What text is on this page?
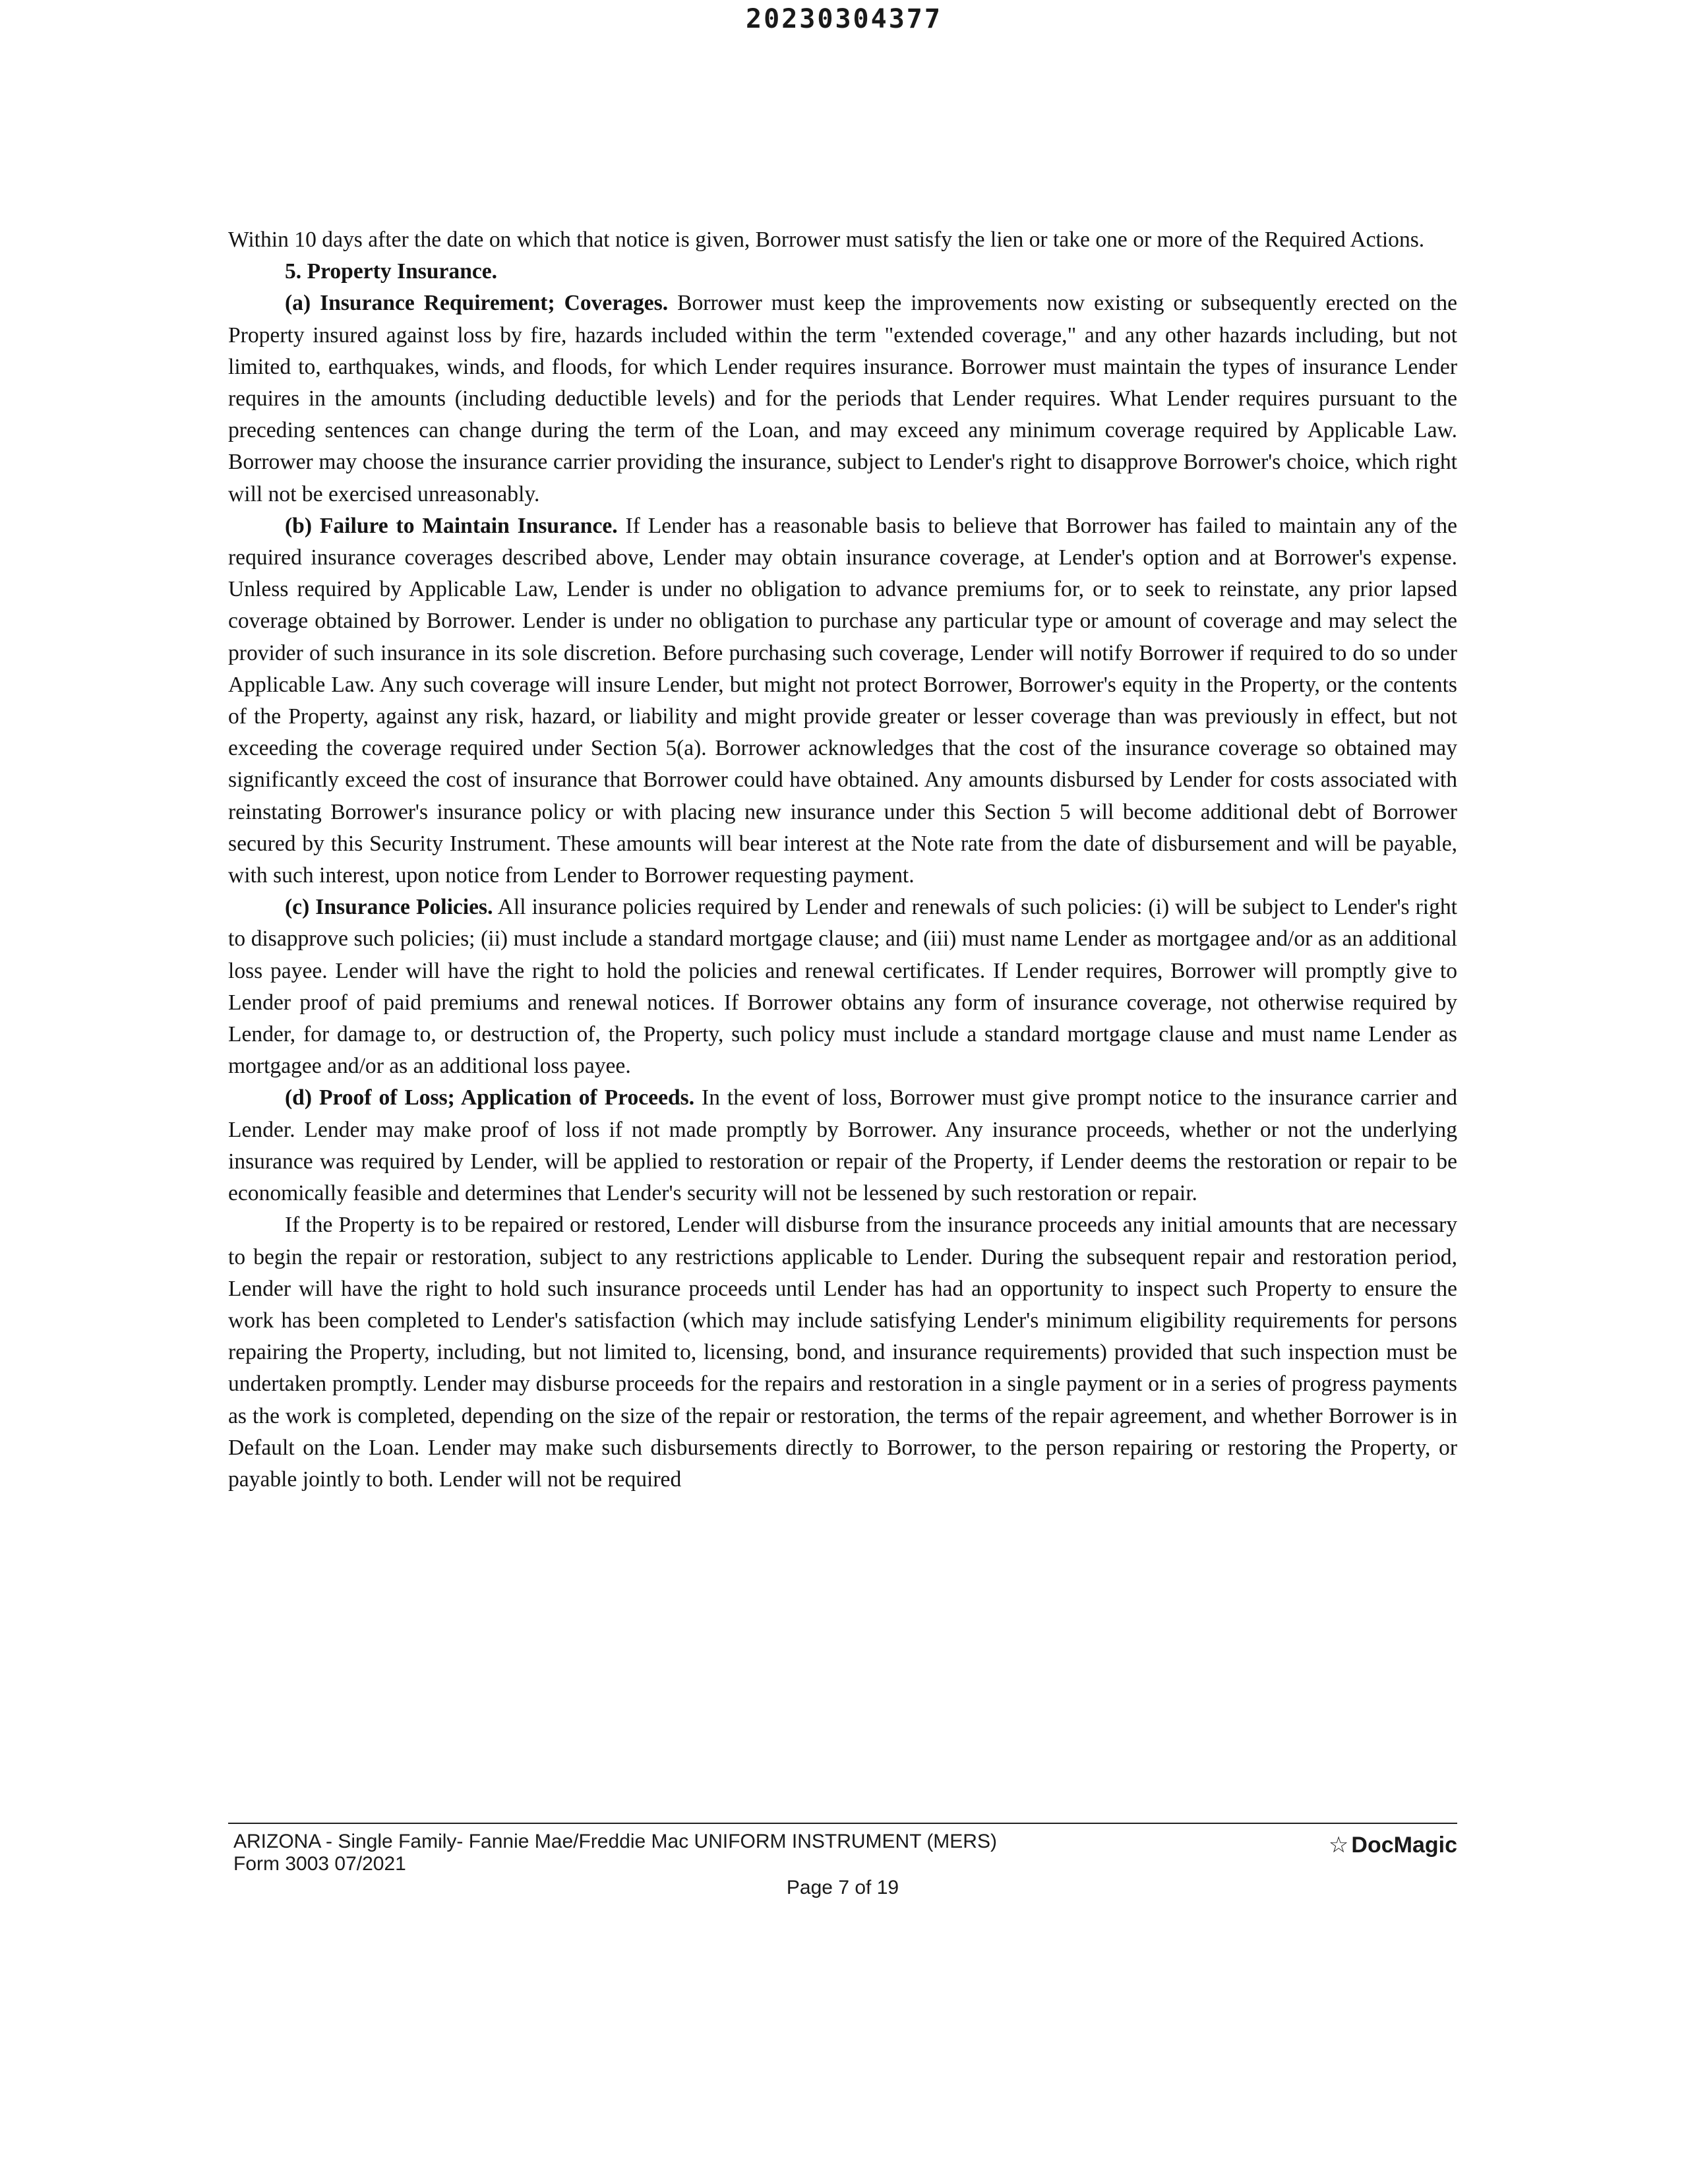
20230304377

Within 10 days after the date on which that notice is given, Borrower must satisfy the lien or take one or more of the Required Actions.

5. Property Insurance.

(a) Insurance Requirement; Coverages. Borrower must keep the improvements now existing or subsequently erected on the Property insured against loss by fire, hazards included within the term "extended coverage," and any other hazards including, but not limited to, earthquakes, winds, and floods, for which Lender requires insurance. Borrower must maintain the types of insurance Lender requires in the amounts (including deductible levels) and for the periods that Lender requires. What Lender requires pursuant to the preceding sentences can change during the term of the Loan, and may exceed any minimum coverage required by Applicable Law. Borrower may choose the insurance carrier providing the insurance, subject to Lender's right to disapprove Borrower's choice, which right will not be exercised unreasonably.

(b) Failure to Maintain Insurance. If Lender has a reasonable basis to believe that Borrower has failed to maintain any of the required insurance coverages described above, Lender may obtain insurance coverage, at Lender's option and at Borrower's expense. Unless required by Applicable Law, Lender is under no obligation to advance premiums for, or to seek to reinstate, any prior lapsed coverage obtained by Borrower. Lender is under no obligation to purchase any particular type or amount of coverage and may select the provider of such insurance in its sole discretion. Before purchasing such coverage, Lender will notify Borrower if required to do so under Applicable Law. Any such coverage will insure Lender, but might not protect Borrower, Borrower's equity in the Property, or the contents of the Property, against any risk, hazard, or liability and might provide greater or lesser coverage than was previously in effect, but not exceeding the coverage required under Section 5(a). Borrower acknowledges that the cost of the insurance coverage so obtained may significantly exceed the cost of insurance that Borrower could have obtained. Any amounts disbursed by Lender for costs associated with reinstating Borrower's insurance policy or with placing new insurance under this Section 5 will become additional debt of Borrower secured by this Security Instrument. These amounts will bear interest at the Note rate from the date of disbursement and will be payable, with such interest, upon notice from Lender to Borrower requesting payment.

(c) Insurance Policies. All insurance policies required by Lender and renewals of such policies: (i) will be subject to Lender's right to disapprove such policies; (ii) must include a standard mortgage clause; and (iii) must name Lender as mortgagee and/or as an additional loss payee. Lender will have the right to hold the policies and renewal certificates. If Lender requires, Borrower will promptly give to Lender proof of paid premiums and renewal notices. If Borrower obtains any form of insurance coverage, not otherwise required by Lender, for damage to, or destruction of, the Property, such policy must include a standard mortgage clause and must name Lender as mortgagee and/or as an additional loss payee.

(d) Proof of Loss; Application of Proceeds. In the event of loss, Borrower must give prompt notice to the insurance carrier and Lender. Lender may make proof of loss if not made promptly by Borrower. Any insurance proceeds, whether or not the underlying insurance was required by Lender, will be applied to restoration or repair of the Property, if Lender deems the restoration or repair to be economically feasible and determines that Lender's security will not be lessened by such restoration or repair.

If the Property is to be repaired or restored, Lender will disburse from the insurance proceeds any initial amounts that are necessary to begin the repair or restoration, subject to any restrictions applicable to Lender. During the subsequent repair and restoration period, Lender will have the right to hold such insurance proceeds until Lender has had an opportunity to inspect such Property to ensure the work has been completed to Lender's satisfaction (which may include satisfying Lender's minimum eligibility requirements for persons repairing the Property, including, but not limited to, licensing, bond, and insurance requirements) provided that such inspection must be undertaken promptly. Lender may disburse proceeds for the repairs and restoration in a single payment or in a series of progress payments as the work is completed, depending on the size of the repair or restoration, the terms of the repair agreement, and whether Borrower is in Default on the Loan. Lender may make such disbursements directly to Borrower, to the person repairing or restoring the Property, or payable jointly to both. Lender will not be required

ARIZONA - Single Family- Fannie Mae/Freddie Mac UNIFORM INSTRUMENT (MERS)
Form 3003 07/2021
☆ DocMagic
Page 7 of 19
